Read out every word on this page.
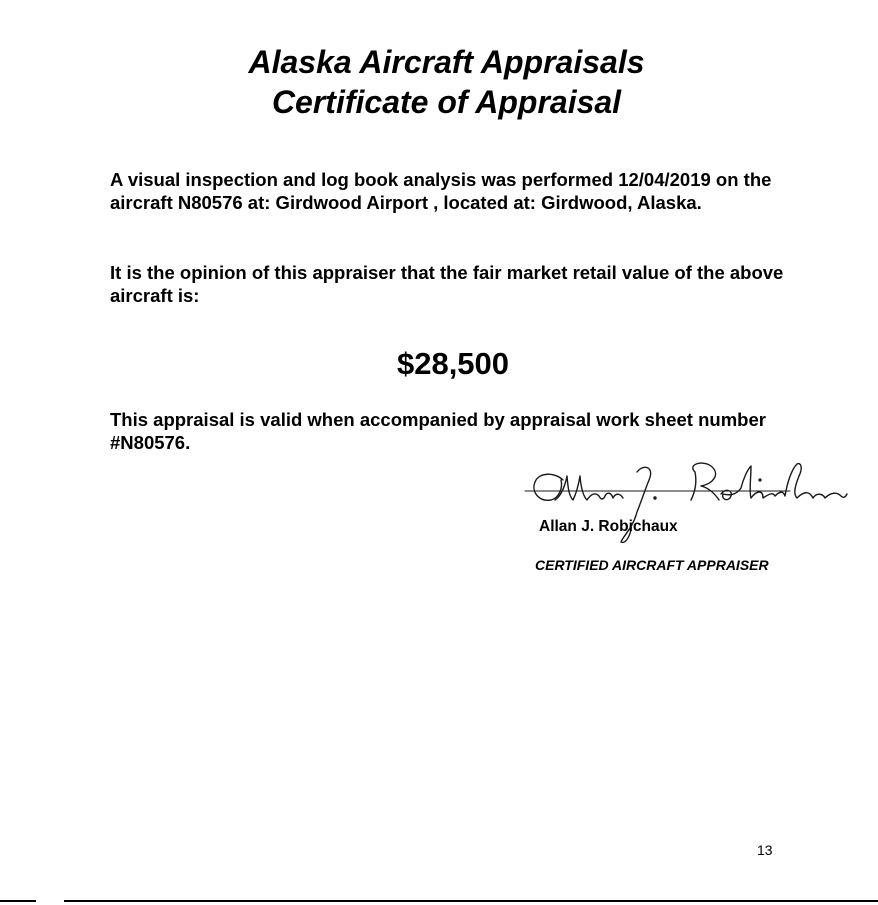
Alaska Aircraft Appraisals
Certificate of Appraisal
A visual inspection and log book analysis was performed 12/04/2019 on the aircraft N80576 at: Girdwood Airport , located at: Girdwood, Alaska.
It is the opinion of this appraiser that the fair market retail value of the above aircraft is:
$28,500
This appraisal is valid when accompanied by appraisal work sheet number #N80576.
Allan J. Robichaux
CERTIFIED AIRCRAFT APPRAISER
13
